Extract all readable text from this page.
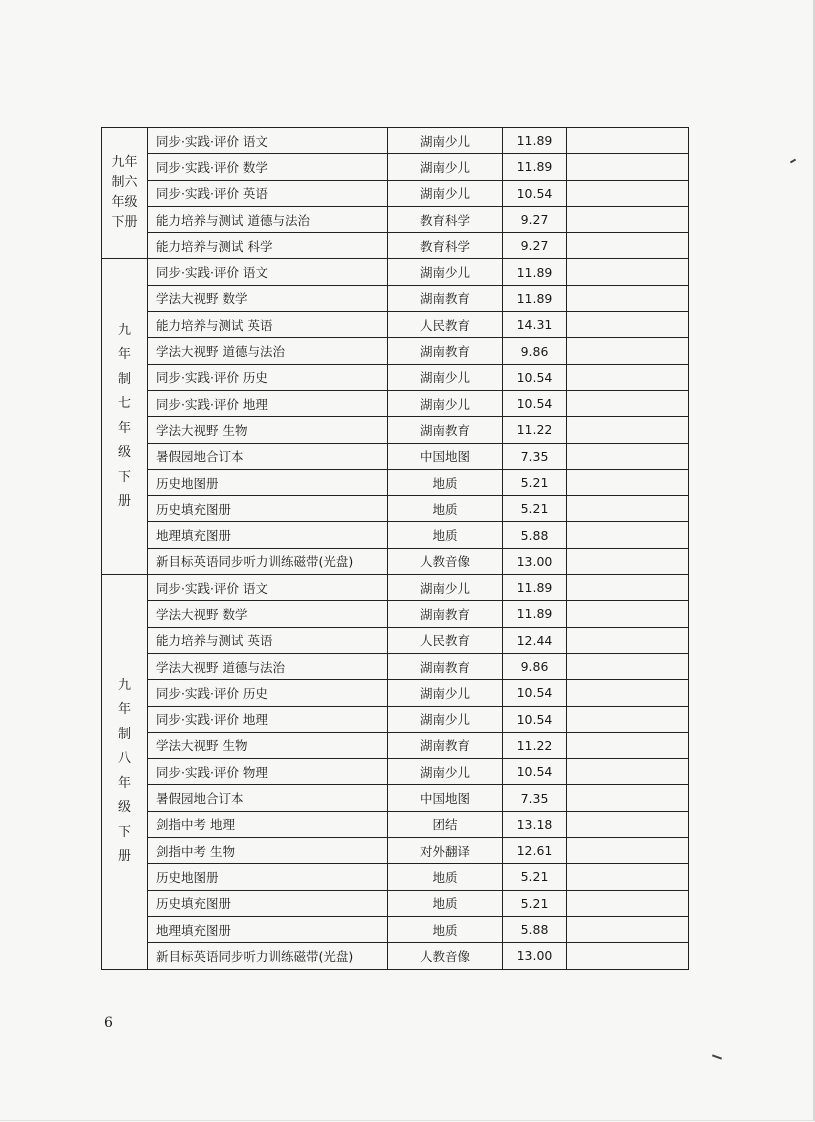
九年制六年级下册	同步·实践·评价 语文	湖南少儿	11.89	
	同步·实践·评价 数学	湖南少儿	11.89	
	同步·实践·评价 英语	湖南少儿	10.54	
	能力培养与测试 道德与法治	教育科学	9.27	
	能力培养与测试 科学	教育科学	9.27	
九年制七年级下册	同步·实践·评价 语文	湖南少儿	11.89	
	学法大视野 数学	湖南教育	11.89	
	能力培养与测试 英语	人民教育	14.31	
	学法大视野 道德与法治	湖南教育	9.86	
	同步·实践·评价 历史	湖南少儿	10.54	
	同步·实践·评价 地理	湖南少儿	10.54	
	学法大视野 生物	湖南教育	11.22	
	暑假园地合订本	中国地图	7.35	
	历史地图册	地质	5.21	
	历史填充图册	地质	5.21	
	地理填充图册	地质	5.88	
	新目标英语同步听力训练磁带(光盘)	人教音像	13.00	
九年制八年级下册	同步·实践·评价 语文	湖南少儿	11.89	
	学法大视野 数学	湖南教育	11.89	
	能力培养与测试 英语	人民教育	12.44	
	学法大视野 道德与法治	湖南教育	9.86	
	同步·实践·评价 历史	湖南少儿	10.54	
	同步·实践·评价 地理	湖南少儿	10.54	
	学法大视野 生物	湖南教育	11.22	
	同步·实践·评价 物理	湖南少儿	10.54	
	暑假园地合订本	中国地图	7.35	
	剑指中考 地理	团结	13.18	
	剑指中考 生物	对外翻译	12.61	
	历史地图册	地质	5.21	
	历史填充图册	地质	5.21	
	地理填充图册	地质	5.88	
	新目标英语同步听力训练磁带(光盘)	人教音像	13.00	
6
